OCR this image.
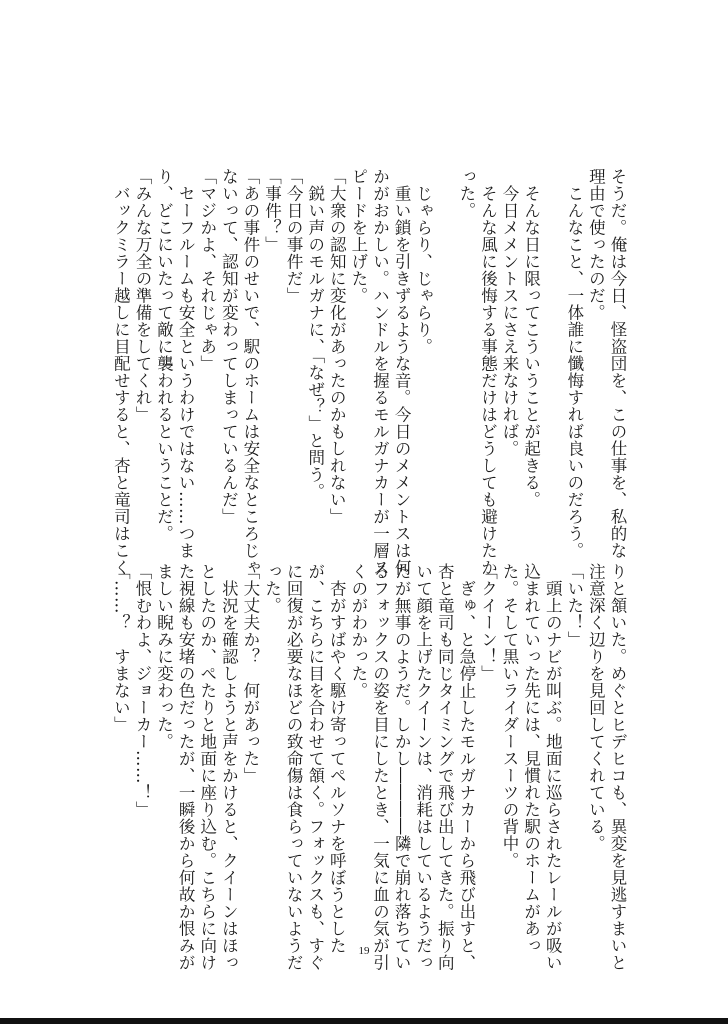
そうだ。俺は今日、怪盗団を、この仕事を、私的な
理由で使ったのだ。
　こんなこと、一体誰に懺悔すれば良いのだろう。

　そんな日に限ってこういうことが起きる。
　今日メメントスにさえ来なければ。
　そんな風に後悔する事態だけはどうしても避けたか
った。

　じゃらり、じゃらり。
　重い鎖を引きずるような音。今日のメメントスは何
かがおかしい。ハンドルを握るモルガナカーが一層ス
ピードを上げた。
「大衆の認知に変化があったのかもしれない」
　鋭い声のモルガナに、「なぜ？」と問う。
「今日の事件だ」
「事件？」
「あの事件のせいで、駅のホームは安全なところじゃ
ないって、認知が変わってしまっているんだ」
「マジかよ、それじゃあ」
　セーフルームも安全というわけではない……つま
り、どこにいたって敵に襲われるということだ。
「みんな万全の準備をしてくれ」
　バックミラー越しに目配せすると、杏と竜司はこく
りと頷いた。めぐとヒデヒコも、異変を見逃すまいと
注意深く辺りを見回してくれている。
「いた！」
　頭上のナビが叫ぶ。地面に巡らされたレールが吸い
込まれていった先には、見慣れた駅のホームがあっ
た。そして黒いライダースーツの背中。
「クイーン！」
　ぎゅ、と急停止したモルガナカーから飛び出すと、
杏と竜司も同じタイミングで飛び出してきた。振り向
いて顔を上げたクイーンは、消耗はしているようだっ
たが無事のようだ。しかし――――隣で崩れ落ちてい
るフォックスの姿を目にしたとき、一気に血の気が引
くのがわかった。
　杏がすばやく駆け寄ってペルソナを呼ぼうとした
が、こちらに目を合わせて頷く。フォックスも、すぐ
に回復が必要なほどの致命傷は食らっていないようだ
った。
「大丈夫か？　何があった」
　状況を確認しようと声をかけると、クイーンはほっ
としたのか、ぺたりと地面に座り込む。こちらに向け
た視線も安堵の色だったが、一瞬後から何故か恨みが
ましい睨みに変わった。
「恨むわよ、ジョーカー……！」
「……？　すまない」
19
